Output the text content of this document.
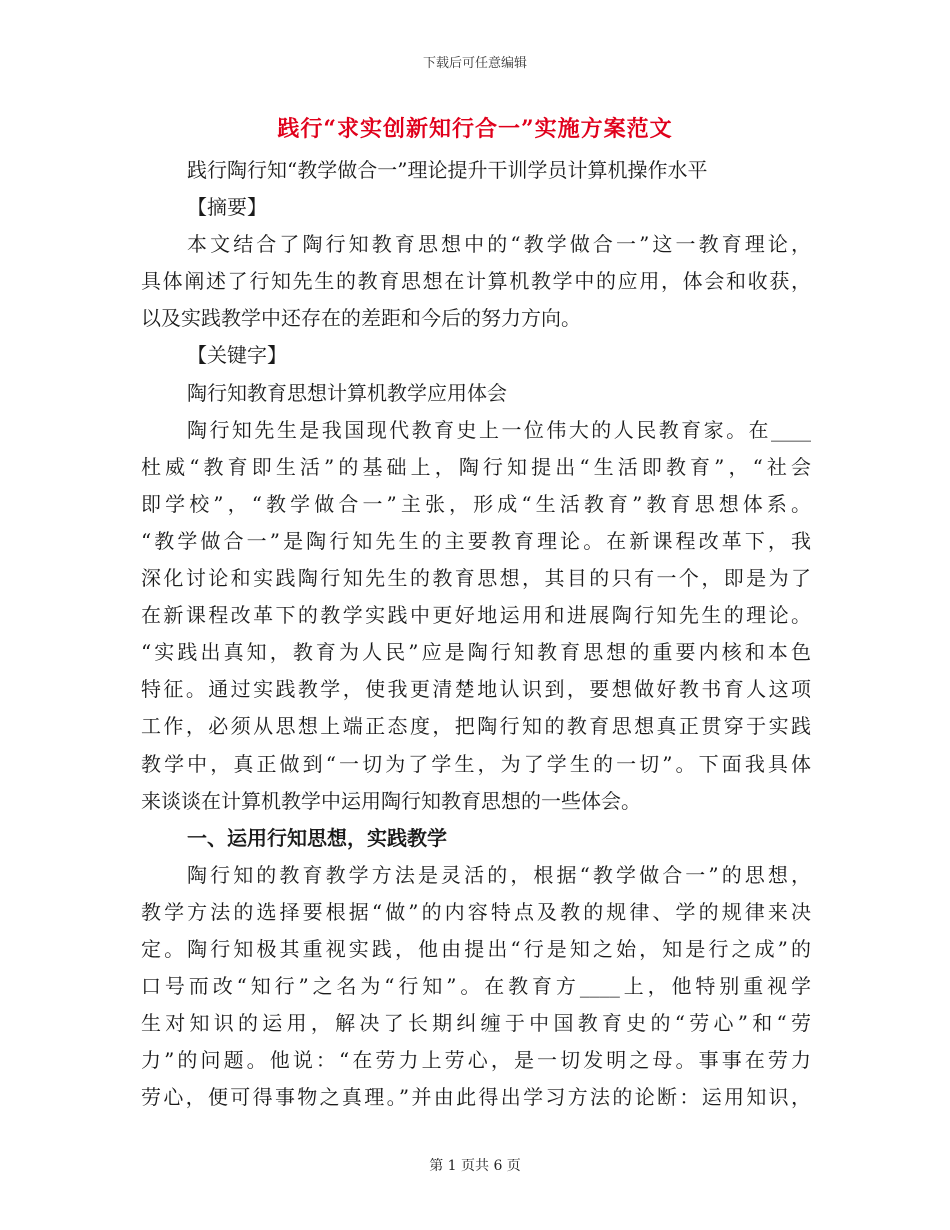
下载后可任意编辑
践行“求实创新知行合一”实施方案范文
践行陶行知“教学做合一”理论提升干训学员计算机操作水平
【摘要】
本文结合了陶行知教育思想中的“教学做合一”这一教育理论，
具体阐述了行知先生的教育思想在计算机教学中的应用，体会和收获，
以及实践教学中还存在的差距和今后的努力方向。
【关键字】
陶行知教育思想计算机教学应用体会
陶行知先生是我国现代教育史上一位伟大的人民教育家。在____
杜威“教育即生活”的基础上，陶行知提出“生活即教育”，“社会
即学校”，“教学做合一”主张，形成“生活教育”教育思想体系。
“教学做合一”是陶行知先生的主要教育理论。在新课程改革下，我
深化讨论和实践陶行知先生的教育思想，其目的只有一个，即是为了
在新课程改革下的教学实践中更好地运用和进展陶行知先生的理论。
“实践出真知，教育为人民”应是陶行知教育思想的重要内核和本色
特征。通过实践教学，使我更清楚地认识到，要想做好教书育人这项
工作，必须从思想上端正态度，把陶行知的教育思想真正贯穿于实践
教学中，真正做到“一切为了学生，为了学生的一切”。下面我具体
来谈谈在计算机教学中运用陶行知教育思想的一些体会。
一、运用行知思想，实践教学
陶行知的教育教学方法是灵活的，根据“教学做合一”的思想，
教学方法的选择要根据“做”的内容特点及教的规律、学的规律来决
定。陶行知极其重视实践，他由提出“行是知之始，知是行之成”的
口号而改“知行”之名为“行知”。在教育方____上，他特别重视学
生对知识的运用，解决了长期纠缠于中国教育史的“劳心”和“劳
力”的问题。他说：“在劳力上劳心，是一切发明之母。事事在劳力
劳心，便可得事物之真理。”并由此得出学习方法的论断：运用知识，
第 1 页共 6 页
